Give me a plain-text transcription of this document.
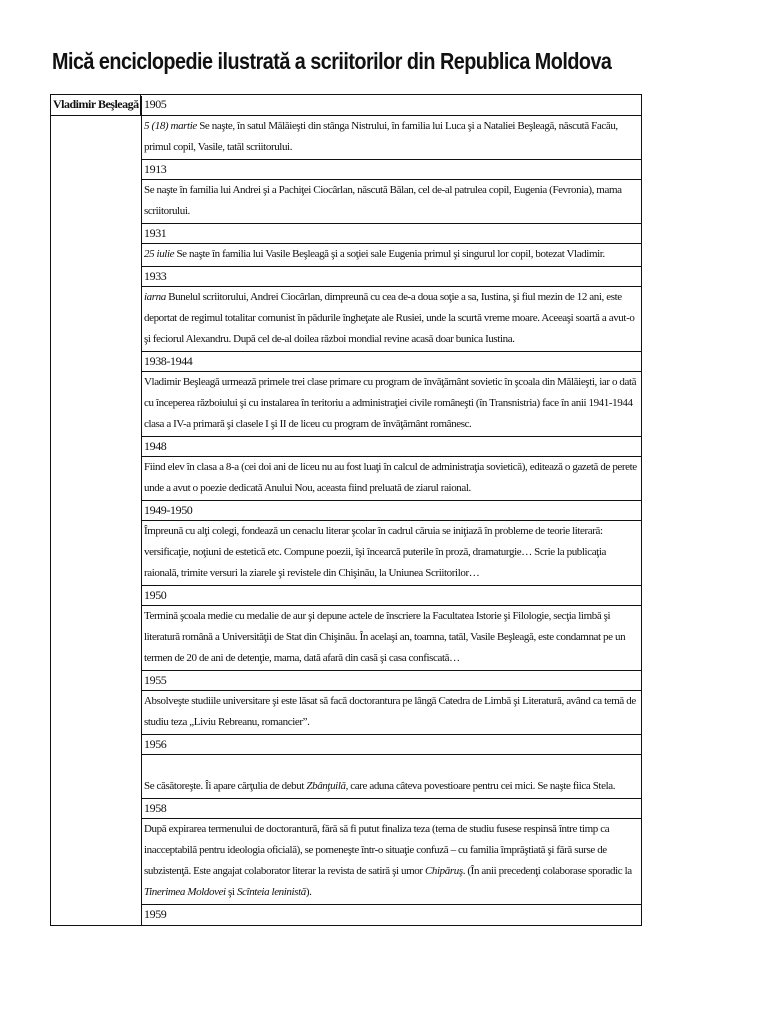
Mică enciclopedie ilustrată a scriitorilor din Republica Moldova
Vladimir Beşleagă 1905
5 (18) martie Se naşte, în satul Mălăieşti din stânga Nistrului, în familia lui Luca şi a Nataliei Beşleagă, născută Facău, primul copil, Vasile, tatăl scriitorului.
1913
Se naşte în familia lui Andrei şi a Pachiţei Ciocârlan, născută Bălan, cel de-al patrulea copil, Eugenia (Fevronia), mama scriitorului.
1931
25 iulie Se naşte în familia lui Vasile Beşleagă şi a soţiei sale Eugenia primul şi singurul lor copil, botezat Vladimir.
1933
iarna Bunelul scriitorului, Andrei Ciocârlan, dimpreună cu cea de-a doua soţie a sa, Iustina, şi fiul mezin de 12 ani, este deportat de regimul totalitar comunist în pădurile îngheţate ale Rusiei, unde la scurtă vreme moare. Aceeaşi soartă a avut-o şi feciorul Alexandru. După cel de-al doilea război mondial revine acasă doar bunica Iustina.
1938-1944
Vladimir Beşleagă urmează primele trei clase primare cu program de învăţământ sovietic în şcoala din Mălăieşti, iar o dată cu începerea războiului şi cu instalarea în teritoriu a administraţiei civile româneşti (în Transnistria) face în anii 1941-1944 clasa a IV-a primară şi clasele I şi II de liceu cu program de învăţământ românesc.
1948
Fiind elev în clasa a 8-a (cei doi ani de liceu nu au fost luaţi în calcul de administraţia sovietică), editează o gazetă de perete unde a avut o poezie dedicată Anului Nou, aceasta fiind preluată de ziarul raional.
1949-1950
Împreună cu alţi colegi, fondează un cenaclu literar şcolar în cadrul căruia se iniţiază în probleme de teorie literară: versificaţie, noţiuni de estetică etc. Compune poezii, îşi încearcă puterile în proză, dramaturgie… Scrie la publicaţia raională, trimite versuri la ziarele şi revistele din Chişinău, la Uniunea Scriitorilor…
1950
Termină şcoala medie cu medalie de aur şi depune actele de înscriere la Facultatea Istorie şi Filologie, secţia limbă şi literatură română a Universităţii de Stat din Chişinău. În acelaşi an, toamna, tatăl, Vasile Beşleagă, este condamnat pe un termen de 20 de ani de detenţie, mama, dată afară din casă şi casa confiscată…
1955
Absolveşte studiile universitare şi este lăsat să facă doctorantura pe lângă Catedra de Limbă şi Literatură, având ca temă de studiu teza „Liviu Rebreanu, romancier”.
1956
Se căsătoreşte. Îi apare cărţulia de debut Zbânţuilă, care aduna câteva povestioare pentru cei mici. Se naşte fiica Stela.
1958
După expirarea termenului de doctorantură, fără să fi putut finaliza teza (tema de studiu fusese respinsă între timp ca inacceptabilă pentru ideologia oficială), se pomeneşte într-o situaţie confuză – cu familia împrăştiată şi fără surse de subzistenţă. Este angajat colaborator literar la revista de satiră şi umor Chipăruş. (În anii precedenţi colaborase sporadic la Tinerimea Moldovei şi Scînteia leninistă).
1959
